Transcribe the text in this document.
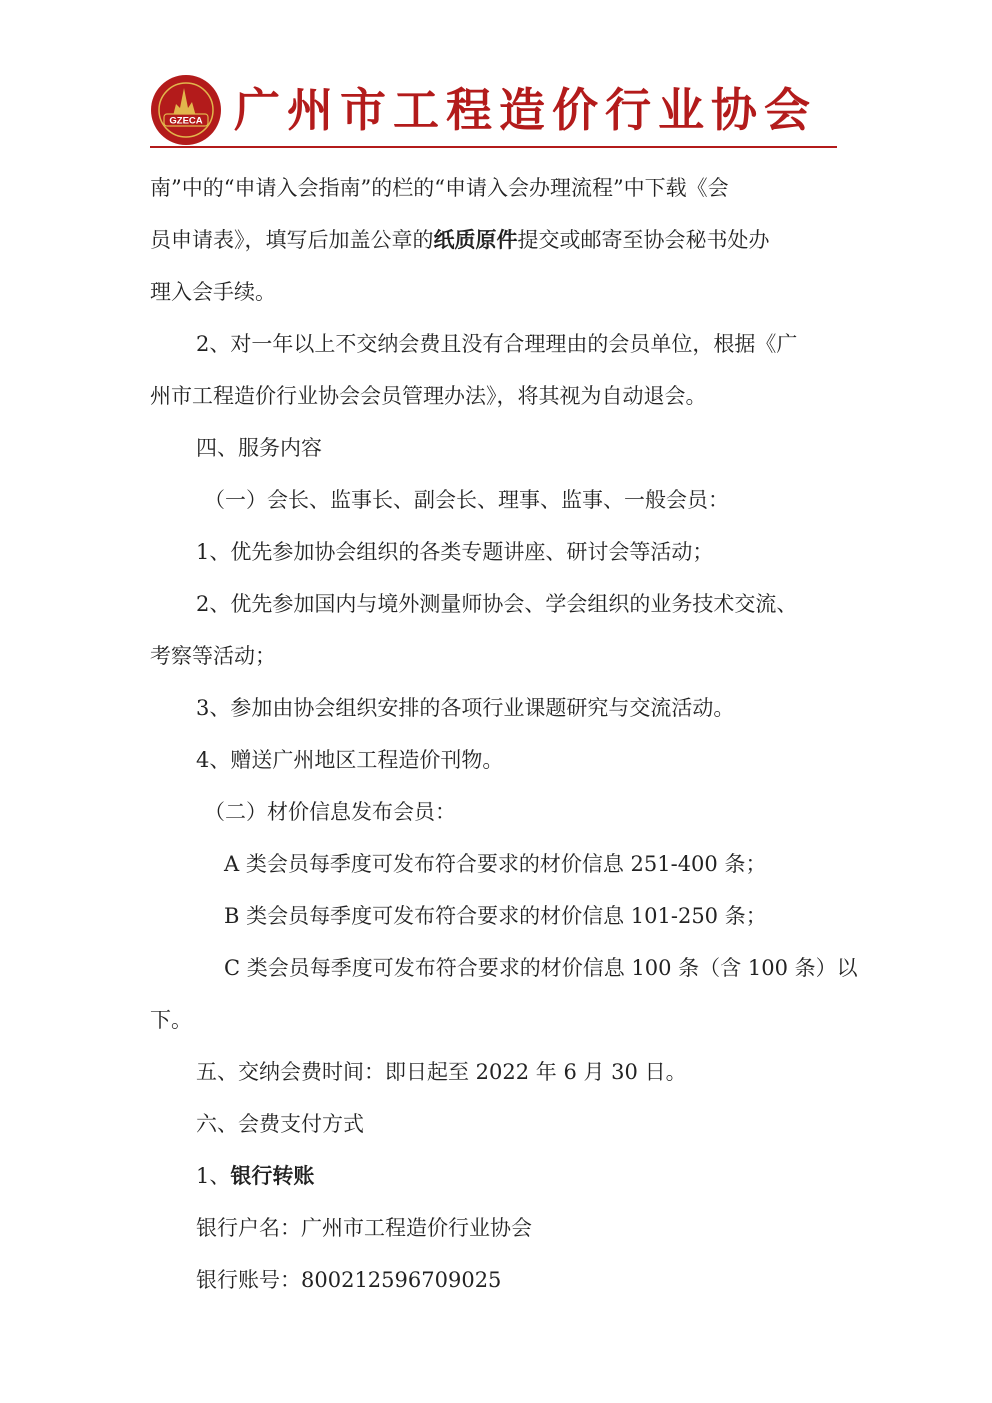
GZECA 广州市工程造价行业协会

南”中的“申请入会指南”的栏的“申请入会办理流程”中下载《会

员申请表》，填写后加盖公章的纸质原件提交或邮寄至协会秘书处办

理入会手续。

2、对一年以上不交纳会费且没有合理理由的会员单位，根据《广

州市工程造价行业协会会员管理办法》，将其视为自动退会。

四、服务内容

（一）会长、监事长、副会长、理事、监事、一般会员：

1、优先参加协会组织的各类专题讲座、研讨会等活动；

2、优先参加国内与境外测量师协会、学会组织的业务技术交流、

考察等活动；

3、参加由协会组织安排的各项行业课题研究与交流活动。

4、赠送广州地区工程造价刊物。

（二）材价信息发布会员：

A 类会员每季度可发布符合要求的材价信息 251-400 条；

B 类会员每季度可发布符合要求的材价信息 101-250 条；

C 类会员每季度可发布符合要求的材价信息 100 条（含 100 条）以

下。

五、交纳会费时间：即日起至 2022 年 6 月 30 日。

六、会费支付方式

1、银行转账

银行户名：广州市工程造价行业协会

银行账号：800212596709025
